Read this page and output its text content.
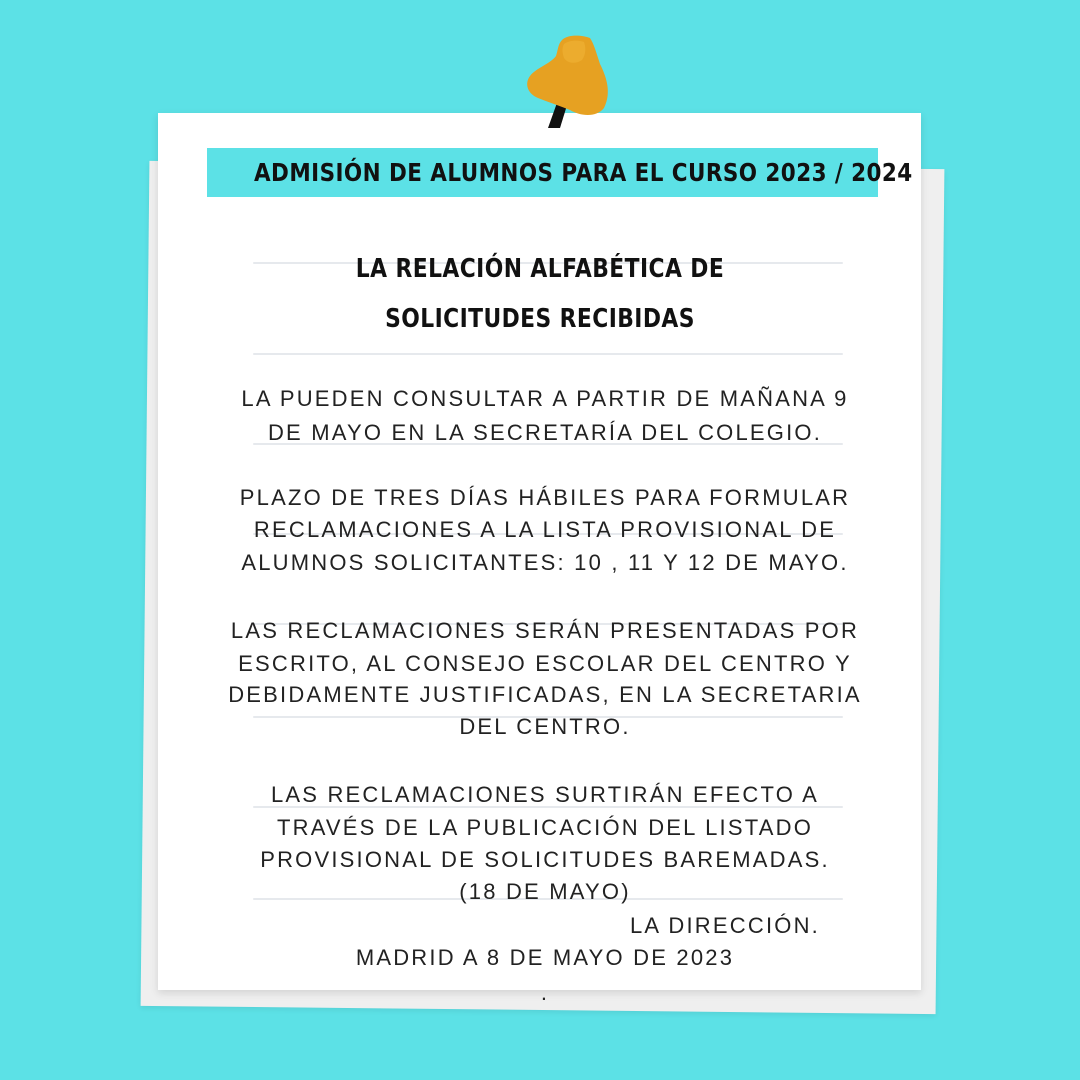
ADMISIÓN DE ALUMNOS PARA EL CURSO 2023 / 2024
LA RELACIÓN ALFABÉTICA DE
SOLICITUDES RECIBIDAS
LA PUEDEN CONSULTAR A PARTIR DE MAÑANA 9
DE MAYO EN LA SECRETARÍA DEL COLEGIO.
PLAZO DE TRES DÍAS HÁBILES PARA FORMULAR
RECLAMACIONES A LA LISTA PROVISIONAL DE
ALUMNOS SOLICITANTES: 10 , 11 Y 12 DE MAYO.
LAS RECLAMACIONES SERÁN PRESENTADAS POR
ESCRITO, AL CONSEJO ESCOLAR DEL CENTRO Y
DEBIDAMENTE JUSTIFICADAS, EN LA SECRETARIA
DEL CENTRO.
LAS RECLAMACIONES SURTIRÁN EFECTO A
TRAVÉS DE LA PUBLICACIÓN DEL LISTADO
PROVISIONAL DE SOLICITUDES BAREMADAS.
(18 DE MAYO)
LA DIRECCIÓN.
MADRID A 8 DE MAYO DE 2023
.
